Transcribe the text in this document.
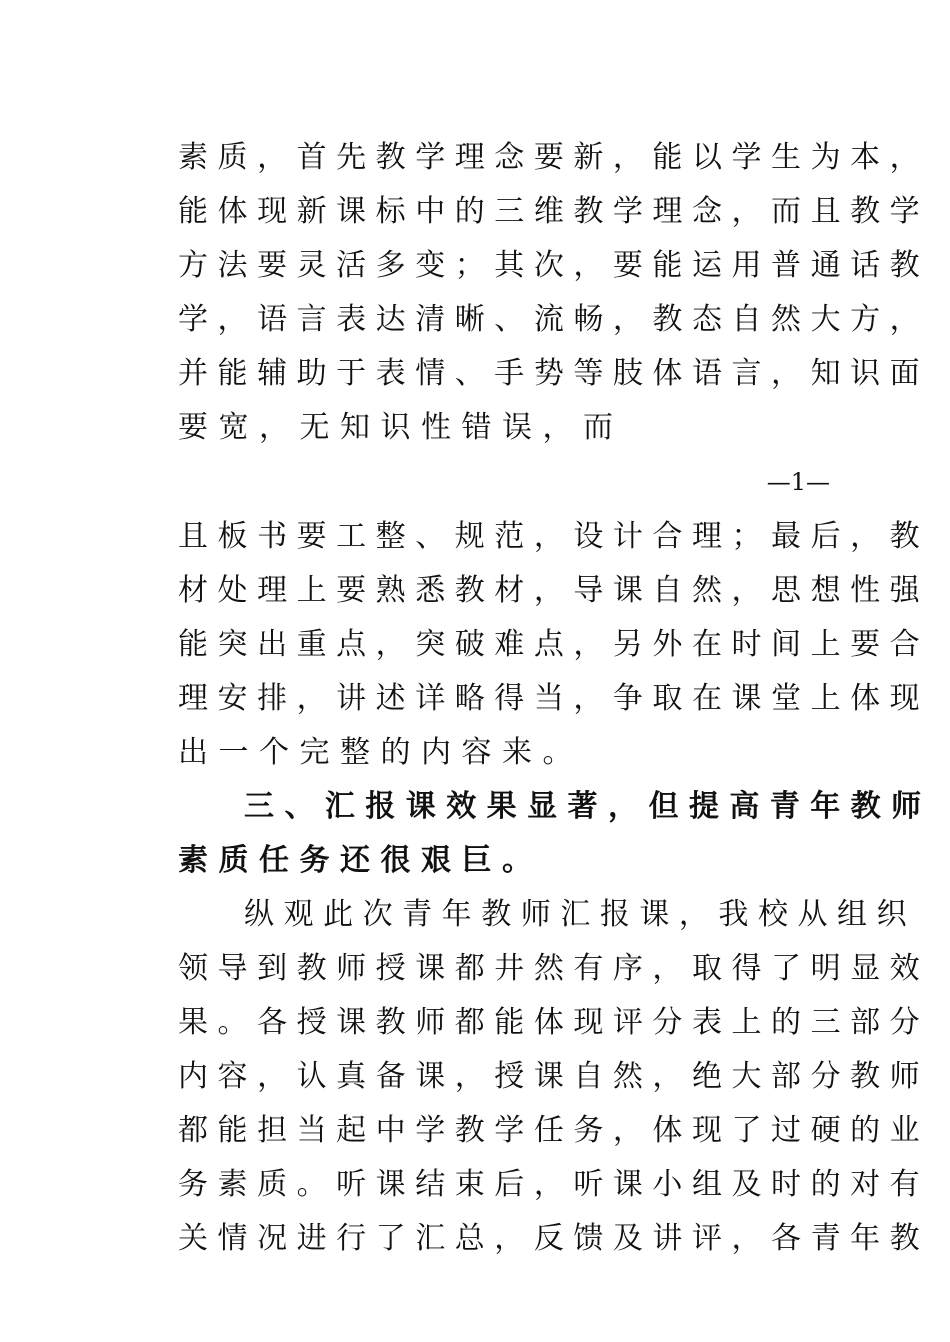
素 质 ， 首 先 教 学 理 念 要 新 ， 能 以 学 生 为 本 ，
能 体 现 新 课 标 中 的 三 维 教 学 理 念 ， 而 且 教 学
方 法 要 灵 活 多 变 ； 其 次 ， 要 能 运 用 普 通 话 教
学 ， 语 言 表 达 清 晰 、 流 畅 ， 教 态 自 然 大 方 ，
并 能 辅 助 于 表 情 、 手 势 等 肢 体 语 言 ， 知 识 面
要宽，无知识性错误，而
—1—
且 板 书 要 工 整 、 规 范 ， 设 计 合 理 ； 最 后 ， 教
材 处 理 上 要 熟 悉 教 材 ， 导 课 自 然 ， 思 想 性 强
能 突 出 重 点 ， 突 破 难 点 ， 另 外 在 时 间 上 要 合
理 安 排 ， 讲 述 详 略 得 当 ， 争 取 在 课 堂 上 体 现
出一个完整的内容来。
三 、 汇 报 课 效 果 显 著 ， 但 提 高 青 年 教 师
素质任务还很艰巨。
纵 观 此 次 青 年 教 师 汇 报 课 ， 我 校 从 组 织
领 导 到 教 师 授 课 都 井 然 有 序 ， 取 得 了 明 显 效
果 。 各 授 课 教 师 都 能 体 现 评 分 表 上 的 三 部 分
内 容 ， 认 真 备 课 ， 授 课 自 然 ， 绝 大 部 分 教 师
都 能 担 当 起 中 学 教 学 任 务 ， 体 现 了 过 硬 的 业
务 素 质 。 听 课 结 束 后 ， 听 课 小 组 及 时 的 对 有
关 情 况 进 行 了 汇 总 ， 反 馈 及 讲 评 ， 各 青 年 教
